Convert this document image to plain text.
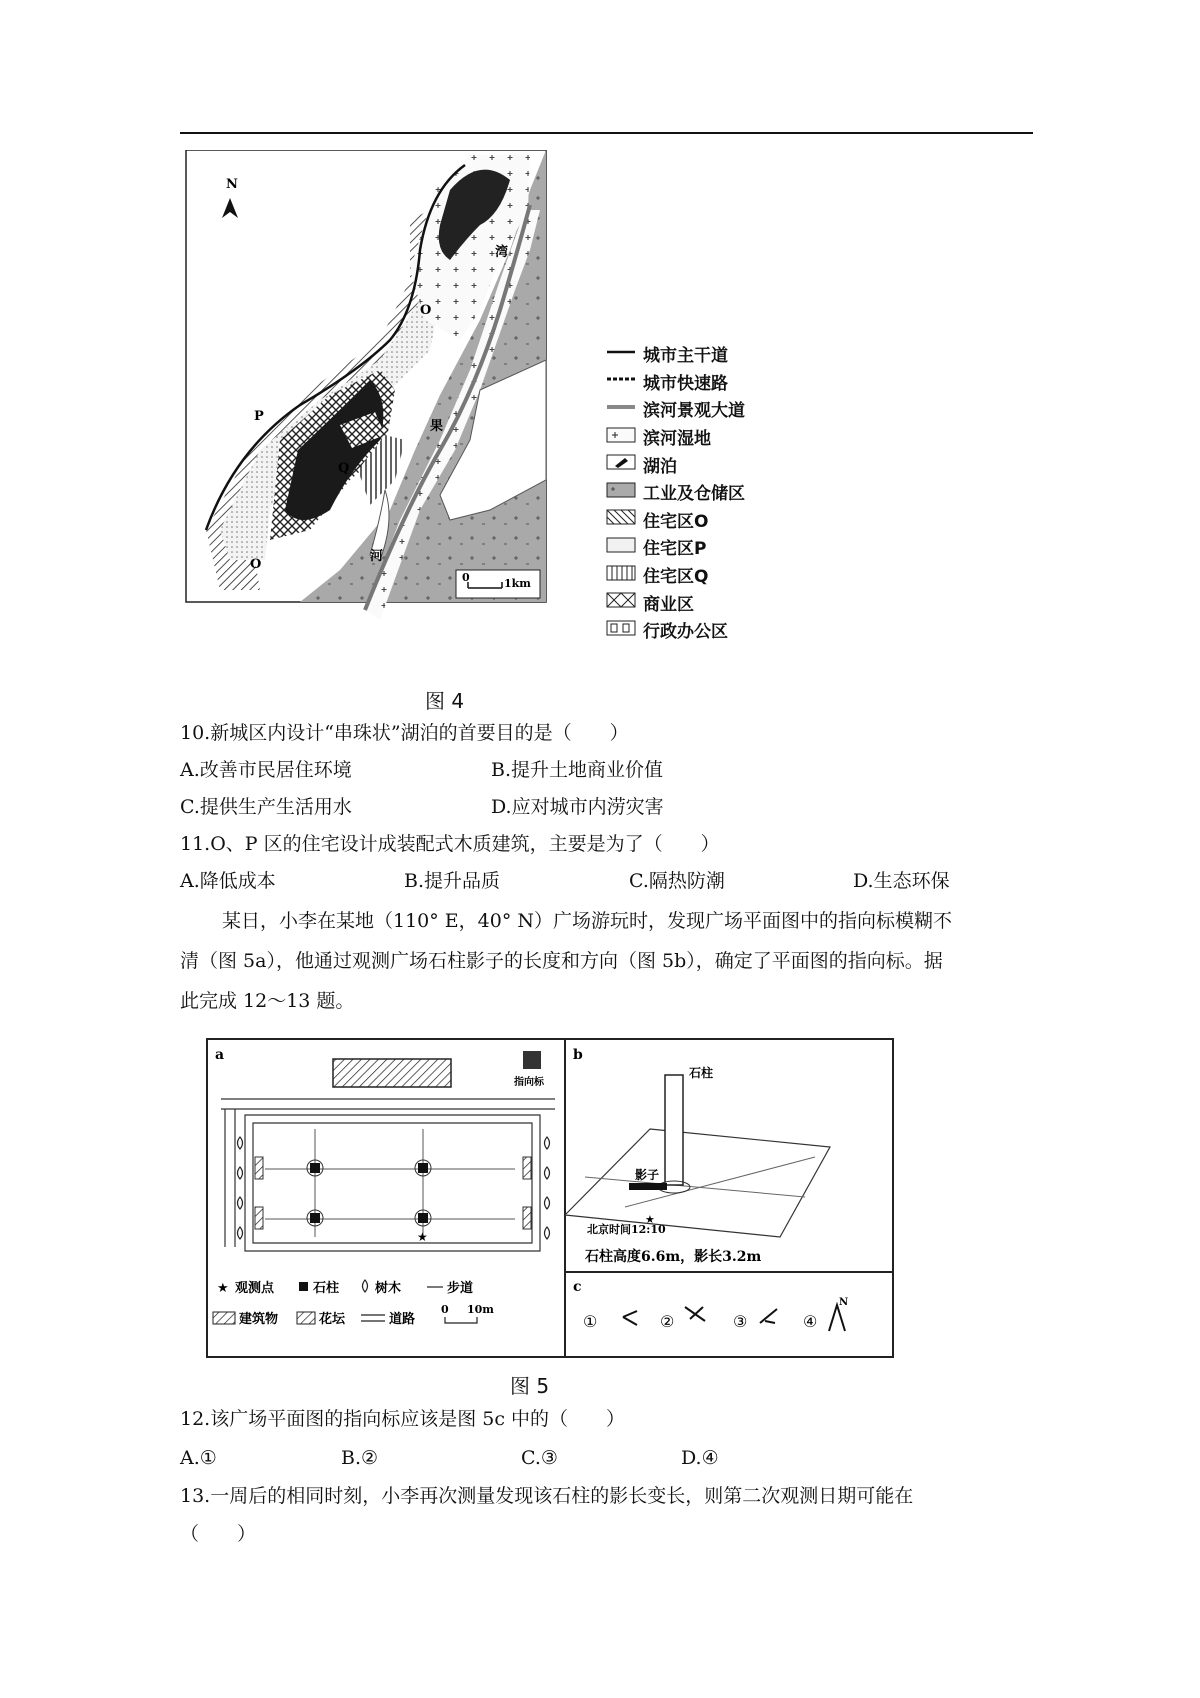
N
O
P
Q
O
湾
果
河
0	1km
城市主干道
城市快速路
滨河景观大道
滨河湿地
湖泊
工业及仓储区
住宅区O
住宅区P
住宅区Q
商业区
行政办公区
图 4
10.新城区内设计“串珠状”湖泊的首要目的是（　　）
A.改善市民居住环境	B.提升土地商业价值
C.提供生产生活用水	D.应对城市内涝灾害
11.O、P 区的住宅设计成装配式木质建筑，主要是为了（　　）
A.降低成本	B.提升品质	C.隔热防潮	D.生态环保
某日，小李在某地（110° E，40° N）广场游玩时，发现广场平面图中的指向标模糊不
清（图 5a），他通过观测广场石柱影子的长度和方向（图 5b），确定了平面图的指向标。据
此完成 12～13 题。
a
指向标
★
★ 观测点	石柱	树木	步道
建筑物	花坛	道路
0 10m
b
石柱
影子
★
北京时间12:10
石柱高度6.6m，影长3.2m
c
①	②	③	④
N
图 5
12.该广场平面图的指向标应该是图 5c 中的（　　）
A.①	B.②	C.③	D.④
13.一周后的相同时刻，小李再次测量发现该石柱的影长变长，则第二次观测日期可能在
（　　）
